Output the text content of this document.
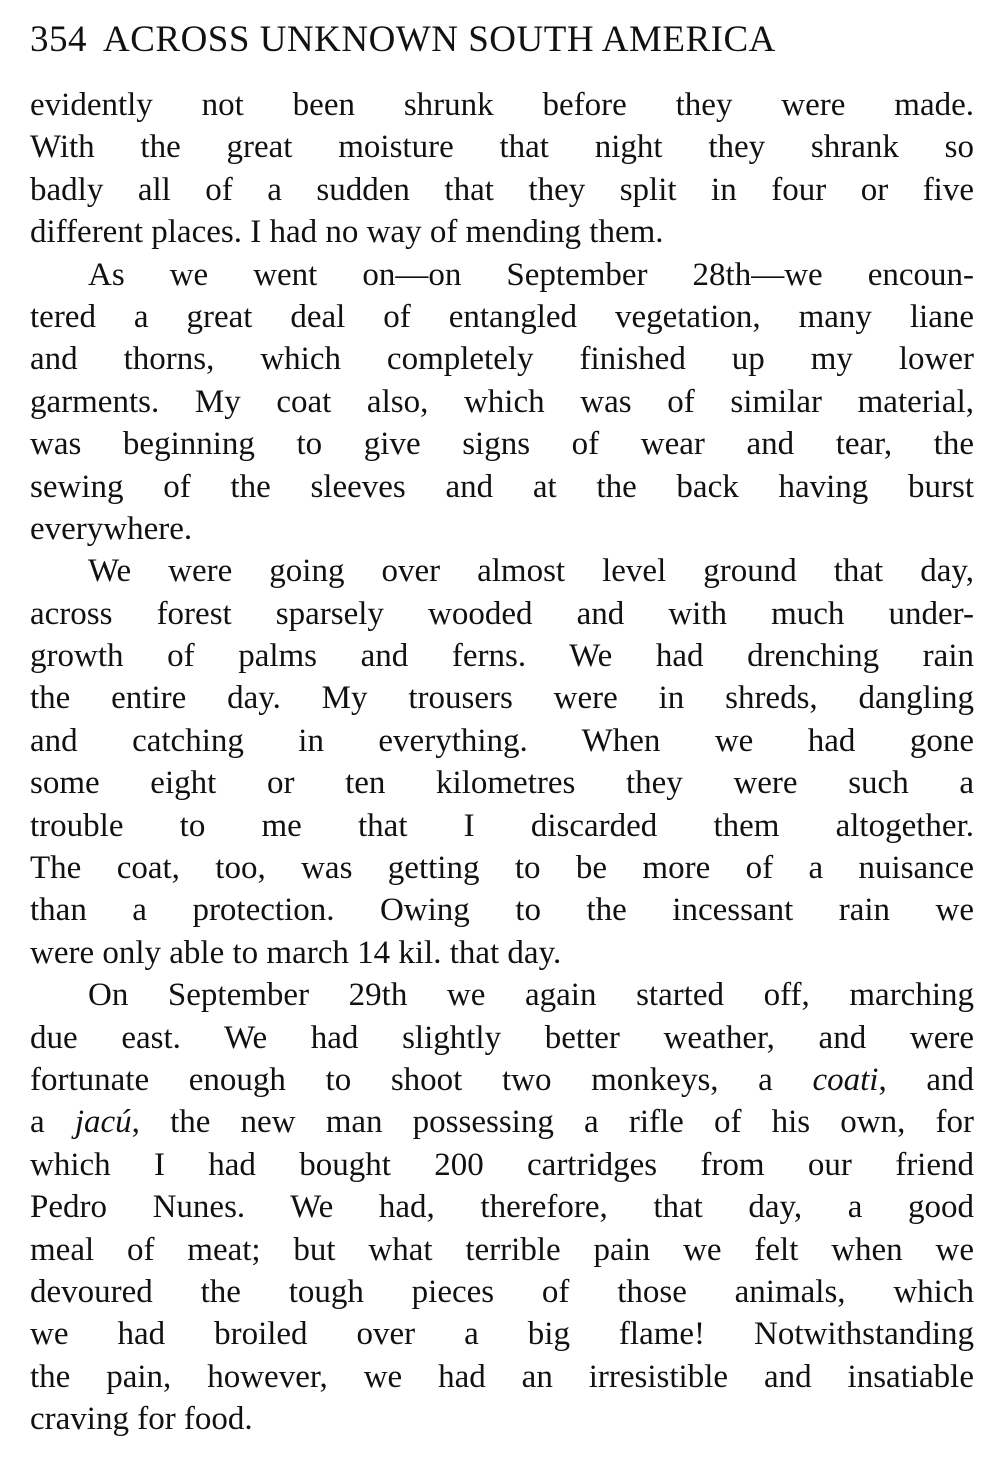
354 ACROSS UNKNOWN SOUTH AMERICA
evidently not been shrunk before they were made.
With the great moisture that night they shrank so
badly all of a sudden that they split in four or five
different places. I had no way of mending them.
As we went on—on September 28th—we encoun-
tered a great deal of entangled vegetation, many liane
and thorns, which completely finished up my lower
garments. My coat also, which was of similar material,
was beginning to give signs of wear and tear, the
sewing of the sleeves and at the back having burst
everywhere.
We were going over almost level ground that day,
across forest sparsely wooded and with much under-
growth of palms and ferns. We had drenching rain
the entire day. My trousers were in shreds, dangling
and catching in everything. When we had gone
some eight or ten kilometres they were such a
trouble to me that I discarded them altogether.
The coat, too, was getting to be more of a nuisance
than a protection. Owing to the incessant rain we
were only able to march 14 kil. that day.
On September 29th we again started off, marching
due east. We had slightly better weather, and were
fortunate enough to shoot two monkeys, a coati, and
a jacú, the new man possessing a rifle of his own, for
which I had bought 200 cartridges from our friend
Pedro Nunes. We had, therefore, that day, a good
meal of meat; but what terrible pain we felt when we
devoured the tough pieces of those animals, which
we had broiled over a big flame! Notwithstanding
the pain, however, we had an irresistible and insatiable
craving for food.
